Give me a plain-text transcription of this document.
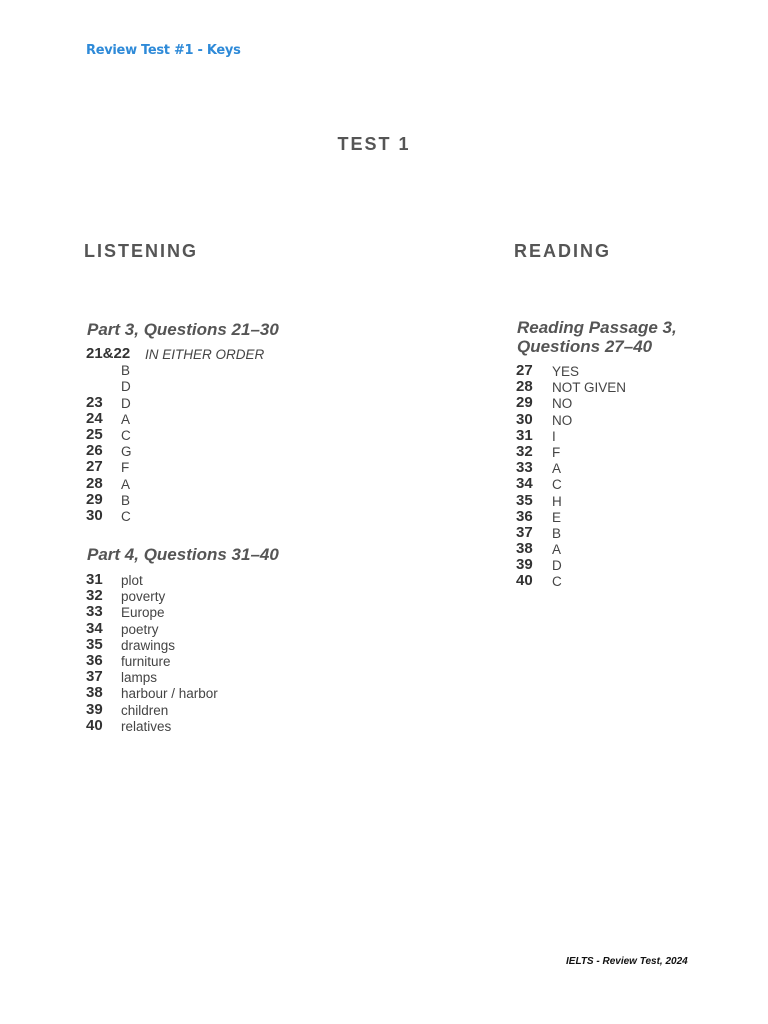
Review Test #1 - Keys
TEST 1
LISTENING	READING
Part 3, Questions 21–30
21&22 IN EITHER ORDER
B
D
23 D
24 A
25 C
26 G
27 F
28 A
29 B
30 C
Part 4, Questions 31–40
31 plot
32 poverty
33 Europe
34 poetry
35 drawings
36 furniture
37 lamps
38 harbour / harbor
39 children
40 relatives
Reading Passage 3,
Questions 27–40
27 YES
28 NOT GIVEN
29 NO
30 NO
31 I
32 F
33 A
34 C
35 H
36 E
37 B
38 A
39 D
40 C
IELTS - Review Test, 2024
